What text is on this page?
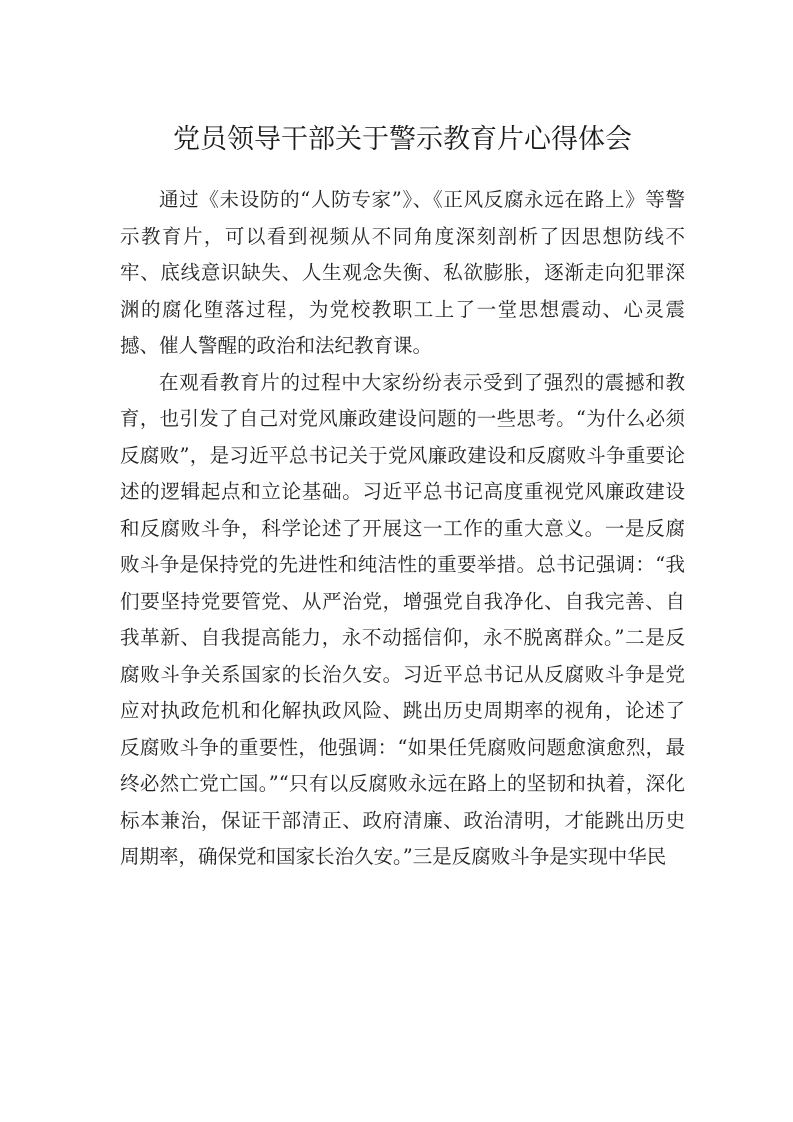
党员领导干部关于警示教育片心得体会

通过《未设防的“人防专家”》、《正风反腐永远在路上》等警示教育片，可以看到视频从不同角度深刻剖析了因思想防线不牢、底线意识缺失、人生观念失衡、私欲膨胀，逐渐走向犯罪深渊的腐化堕落过程，为党校教职工上了一堂思想震动、心灵震撼、催人警醒的政治和法纪教育课。

在观看教育片的过程中大家纷纷表示受到了强烈的震撼和教育，也引发了自己对党风廉政建设问题的一些思考。“为什么必须反腐败”，是习近平总书记关于党风廉政建设和反腐败斗争重要论述的逻辑起点和立论基础。习近平总书记高度重视党风廉政建设和反腐败斗争，科学论述了开展这一工作的重大意义。一是反腐败斗争是保持党的先进性和纯洁性的重要举措。总书记强调：“我们要坚持党要管党、从严治党，增强党自我净化、自我完善、自我革新、自我提高能力，永不动摇信仰，永不脱离群众。”二是反腐败斗争关系国家的长治久安。习近平总书记从反腐败斗争是党应对执政危机和化解执政风险、跳出历史周期率的视角，论述了反腐败斗争的重要性，他强调：“如果任凭腐败问题愈演愈烈，最终必然亡党亡国。”“只有以反腐败永远在路上的坚韧和执着，深化标本兼治，保证干部清正、政府清廉、政治清明，才能跳出历史周期率，确保党和国家长治久安。”三是反腐败斗争是实现中华民
